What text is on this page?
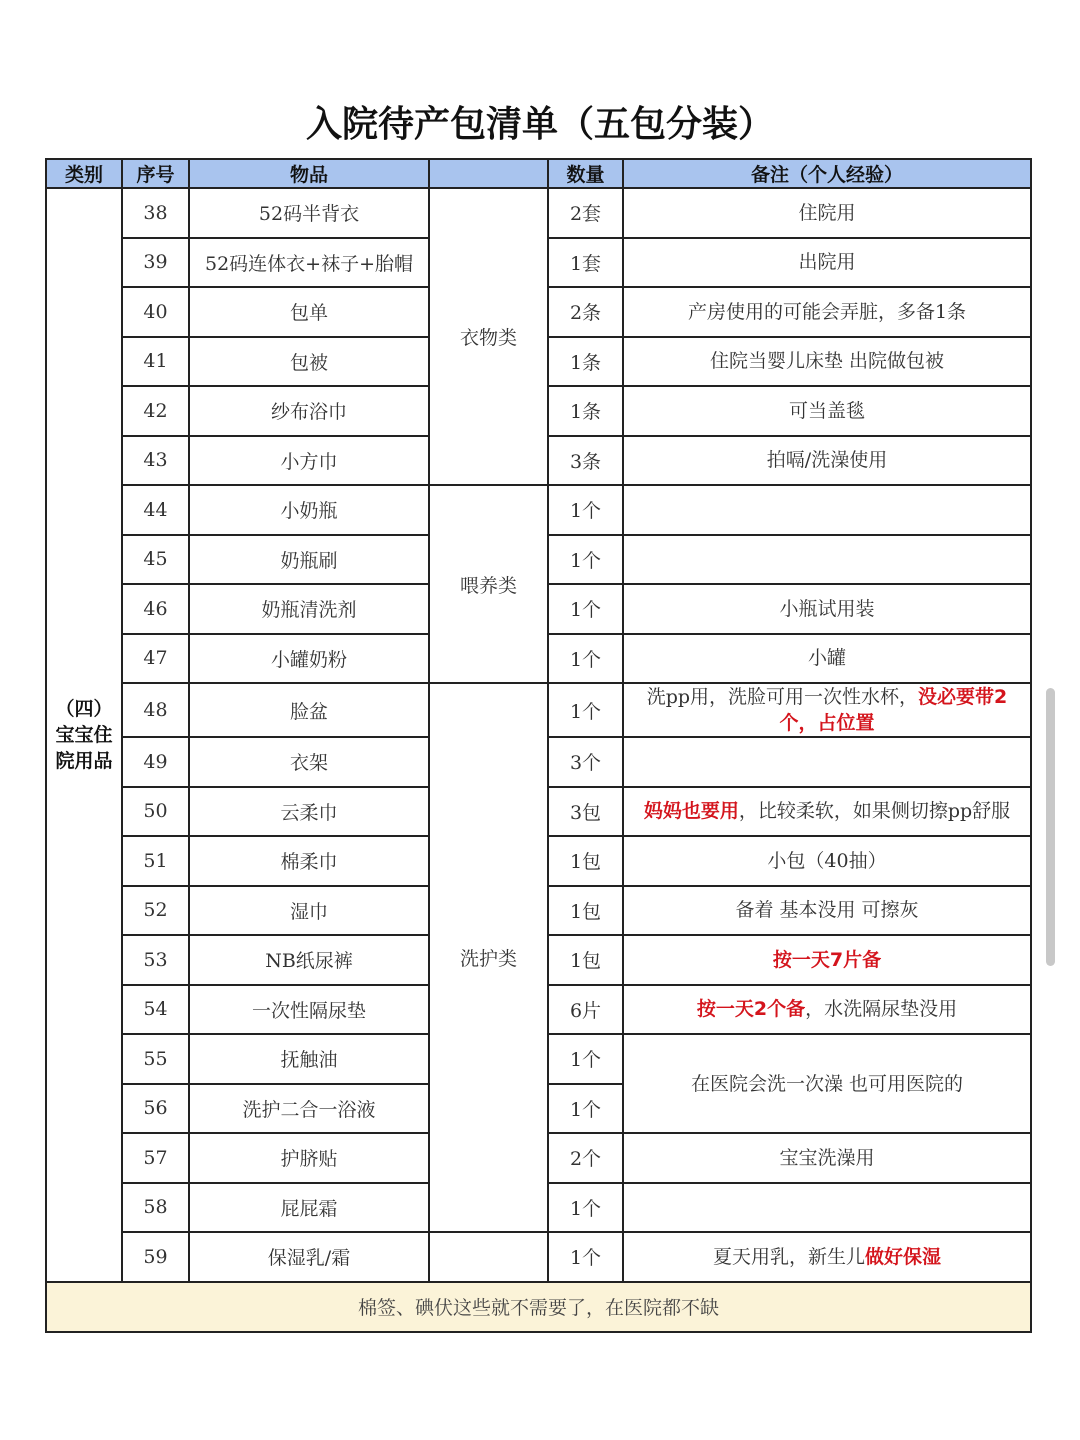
入院待产包清单（五包分装）
类别	序号	物品		数量	备注（个人经验）
（四）宝宝住院用品	38	52码半背衣	衣物类	2套	住院用
	39	52码连体衣+袜子+胎帽		1套	出院用
	40	包单		2条	产房使用的可能会弄脏，多备1条
	41	包被		1条	住院当婴儿床垫 出院做包被
	42	纱布浴巾		1条	可当盖毯
	43	小方巾		3条	拍嗝/洗澡使用
	44	小奶瓶	喂养类	1个	
	45	奶瓶刷		1个	
	46	奶瓶清洗剂		1个	小瓶试用装
	47	小罐奶粉		1个	小罐
	48	脸盆	洗护类	1个	洗pp用，洗脸可用一次性水杯，没必要带2个，占位置
	49	衣架		3个	
	50	云柔巾		3包	妈妈也要用，比较柔软，如果侧切擦pp舒服
	51	棉柔巾		1包	小包（40抽）
	52	湿巾		1包	备着 基本没用 可擦灰
	53	NB纸尿裤		1包	按一天7片备
	54	一次性隔尿垫		6片	按一天2个备，水洗隔尿垫没用
	55	抚触油		1个	在医院会洗一次澡 也可用医院的
	56	洗护二合一浴液		1个	
	57	护脐贴		2个	宝宝洗澡用
	58	屁屁霜		1个	
	59	保湿乳/霜		1个	夏天用乳，新生儿做好保湿
棉签、碘伏这些就不需要了，在医院都不缺					
